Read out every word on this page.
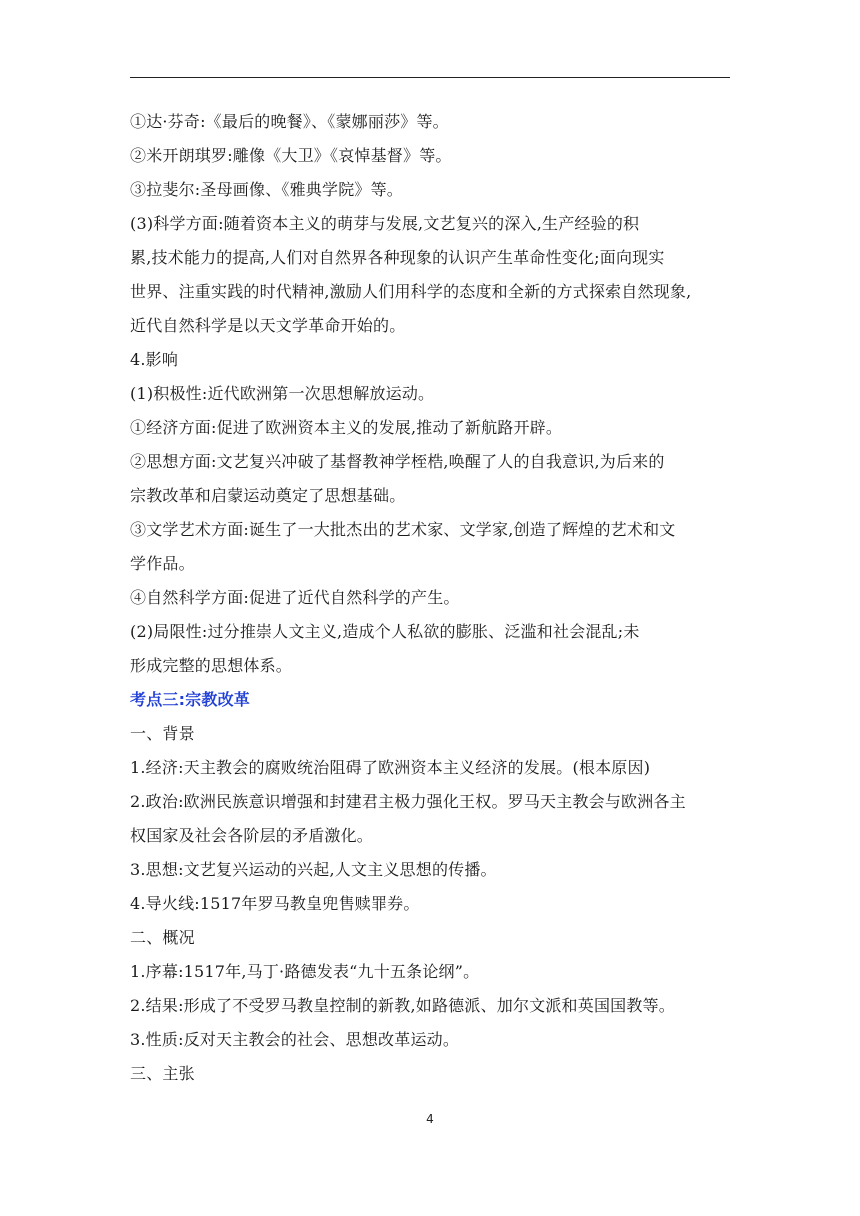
①达·芬奇:《最后的晚餐》、《蒙娜丽莎》等。
②米开朗琪罗:雕像《大卫》《哀悼基督》等。
③拉斐尔:圣母画像、《雅典学院》等。
(3)科学方面:随着资本主义的萌芽与发展,文艺复兴的深入,生产经验的积
累,技术能力的提高,人们对自然界各种现象的认识产生革命性变化;面向现实
世界、注重实践的时代精神,激励人们用科学的态度和全新的方式探索自然现象,
近代自然科学是以天文学革命开始的。
4.影响
(1)积极性:近代欧洲第一次思想解放运动。
①经济方面:促进了欧洲资本主义的发展,推动了新航路开辟。
②思想方面:文艺复兴冲破了基督教神学桎梏,唤醒了人的自我意识,为后来的
宗教改革和启蒙运动奠定了思想基础。
③文学艺术方面:诞生了一大批杰出的艺术家、文学家,创造了辉煌的艺术和文
学作品。
④自然科学方面:促进了近代自然科学的产生。
(2)局限性:过分推崇人文主义,造成个人私欲的膨胀、泛滥和社会混乱;未
形成完整的思想体系。
考点三:宗教改革
一、背景
1.经济:天主教会的腐败统治阻碍了欧洲资本主义经济的发展。(根本原因)
2.政治:欧洲民族意识增强和封建君主极力强化王权。罗马天主教会与欧洲各主
权国家及社会各阶层的矛盾激化。
3.思想:文艺复兴运动的兴起,人文主义思想的传播。
4.导火线:1517年罗马教皇兜售赎罪券。
二、概况
1.序幕:1517年,马丁·路德发表“九十五条论纲”。
2.结果:形成了不受罗马教皇控制的新教,如路德派、加尔文派和英国国教等。
3.性质:反对天主教会的社会、思想改革运动。
三、主张
4
